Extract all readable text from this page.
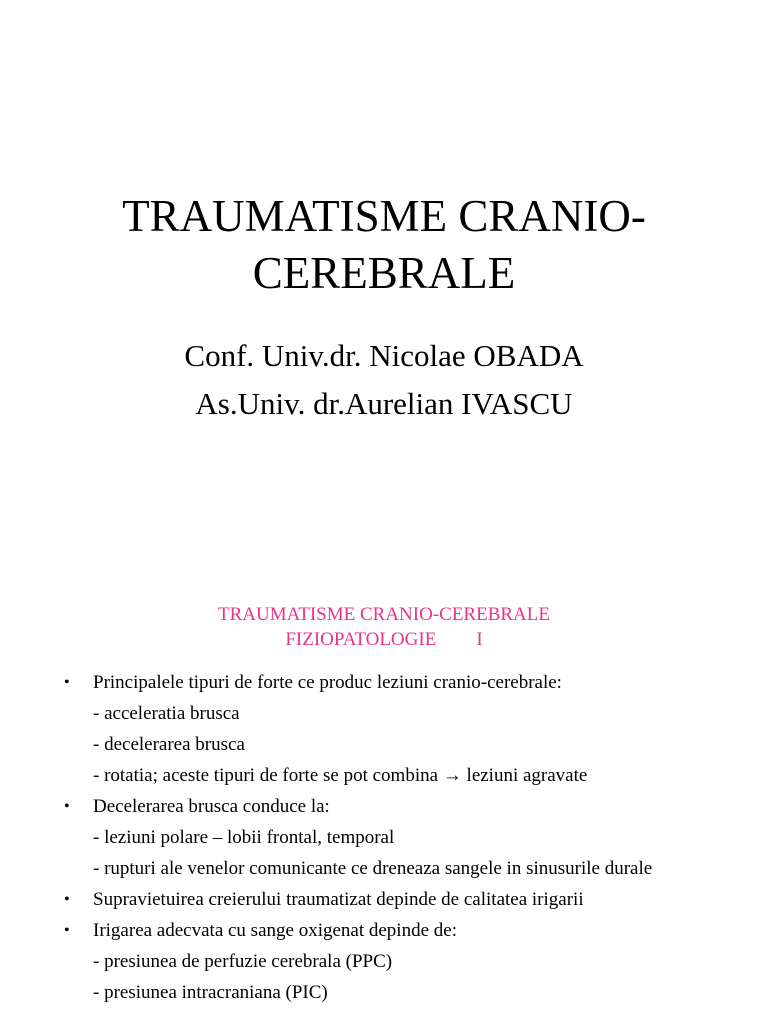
TRAUMATISME CRANIO-
CEREBRALE
Conf. Univ.dr. Nicolae OBADA
As.Univ. dr.Aurelian IVASCU
TRAUMATISME CRANIO-CEREBRALE
FIZIOPATOLOGIE I
• Principalele tipuri de forte ce produc leziuni cranio-cerebrale:
- acceleratia brusca
- decelerarea brusca
- rotatia; aceste tipuri de forte se pot combina → leziuni agravate
• Decelerarea brusca conduce la:
- leziuni polare – lobii frontal, temporal
- rupturi ale venelor comunicante ce dreneaza sangele in sinusurile durale
• Supravietuirea creierului traumatizat depinde de calitatea irigarii
• Irigarea adecvata cu sange oxigenat depinde de:
- presiunea de perfuzie cerebrala (PPC)
- presiunea intracraniana (PIC)
